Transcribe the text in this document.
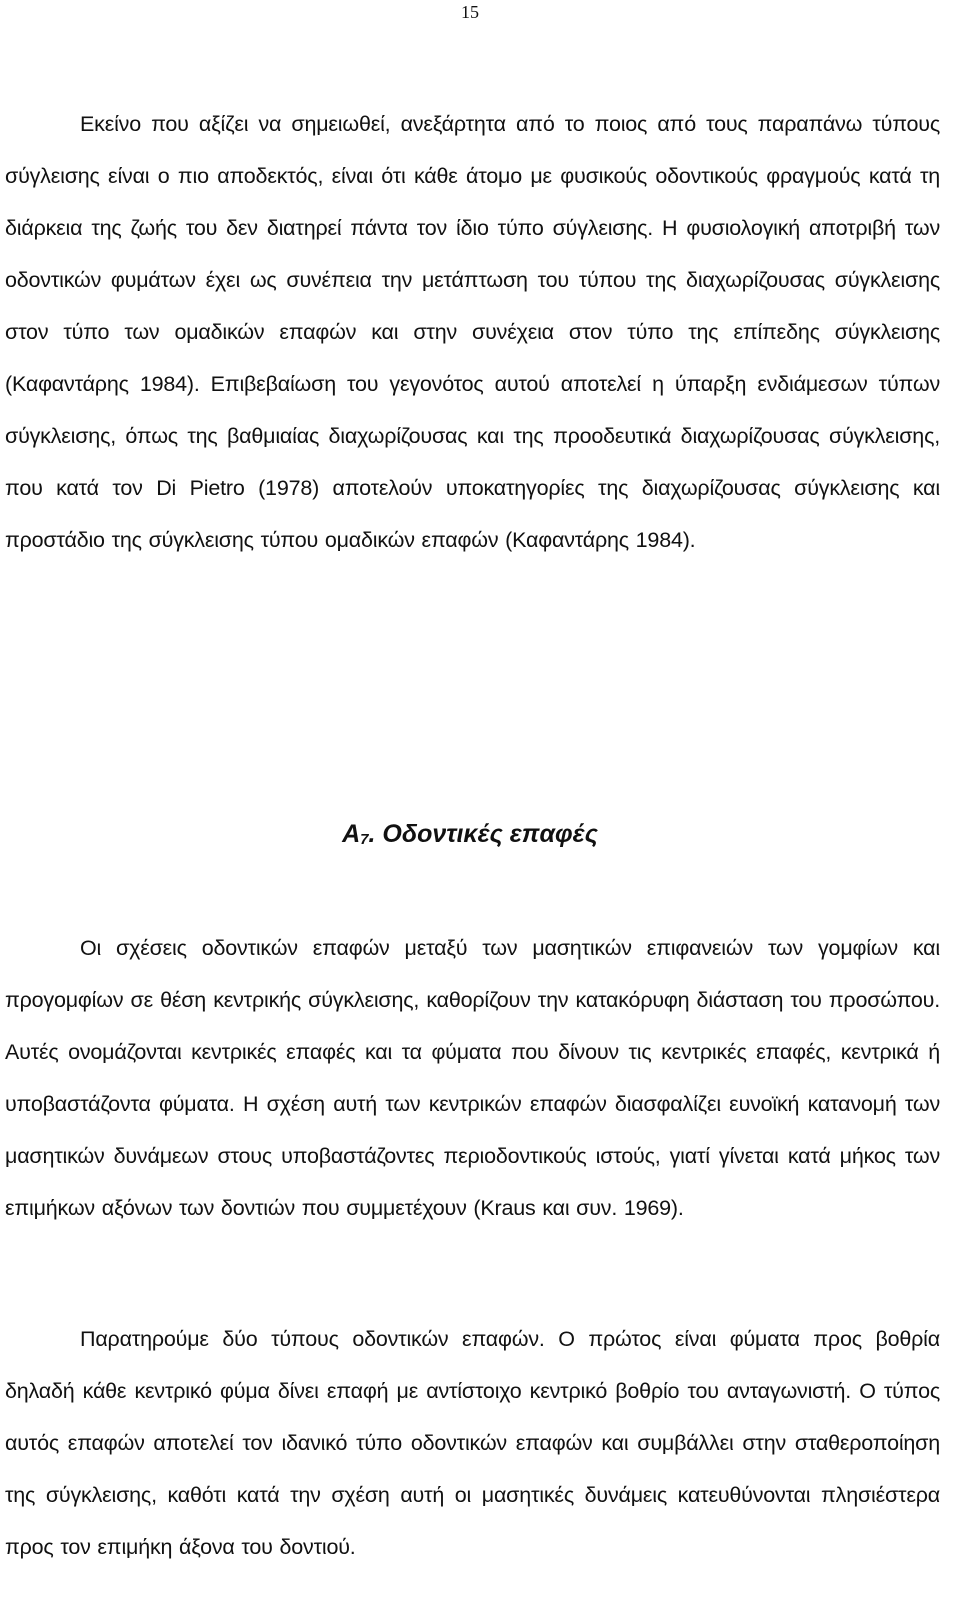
15

Εκείνο που αξίζει να σημειωθεί, ανεξάρτητα από το ποιος από τους παραπάνω τύπους σύγλεισης είναι ο πιο αποδεκτός, είναι ότι κάθε άτομο με φυσικούς οδοντικούς φραγμούς κατά τη διάρκεια της ζωής του δεν διατηρεί πάντα τον ίδιο τύπο σύγλεισης. Η φυσιολογική αποτριβή των οδοντικών φυμάτων έχει ως συνέπεια την μετάπτωση του τύπου της διαχωρίζουσας σύγκλεισης στον τύπο των ομαδικών επαφών και στην συνέχεια στον τύπο της επίπεδης σύγκλεισης (Καφαντάρης 1984). Επιβεβαίωση του γεγονότος αυτού αποτελεί η ύπαρξη ενδιάμεσων τύπων σύγκλεισης, όπως της βαθμιαίας διαχωρίζουσας και της προοδευτικά διαχωρίζουσας σύγκλεισης, που κατά τον Di Pietro (1978) αποτελούν υποκατηγορίες της διαχωρίζουσας σύγκλεισης και προστάδιο της σύγκλεισης τύπου ομαδικών επαφών (Καφαντάρης 1984).

$A_7$. Οδοντικές επαφές

Οι σχέσεις οδοντικών επαφών μεταξύ των μασητικών επιφανειών των γομφίων και προγομφίων σε θέση κεντρικής σύγκλεισης, καθορίζουν την κατακόρυφη διάσταση του προσώπου. Αυτές ονομάζονται κεντρικές επαφές και τα φύματα που δίνουν τις κεντρικές επαφές, κεντρικά ή υποβαστάζοντα φύματα. Η σχέση αυτή των κεντρικών επαφών διασφαλίζει ευνοϊκή κατανομή των μασητικών δυνάμεων στους υποβαστάζοντες περιοδοντικούς ιστούς, γιατί γίνεται κατά μήκος των επιμήκων αξόνων των δοντιών που συμμετέχουν (Kraus και συν. 1969).

Παρατηρούμε δύο τύπους οδοντικών επαφών. Ο πρώτος είναι φύματα προς βοθρία δηλαδή κάθε κεντρικό φύμα δίνει επαφή με αντίστοιχο κεντρικό βοθρίο του ανταγωνιστή. Ο τύπος αυτός επαφών αποτελεί τον ιδανικό τύπο οδοντικών επαφών και συμβάλλει στην σταθεροποίηση της σύγκλεισης, καθότι κατά την σχέση αυτή οι μασητικές δυνάμεις κατευθύνονται πλησιέστερα προς τον επιμήκη άξονα του δοντιού.
